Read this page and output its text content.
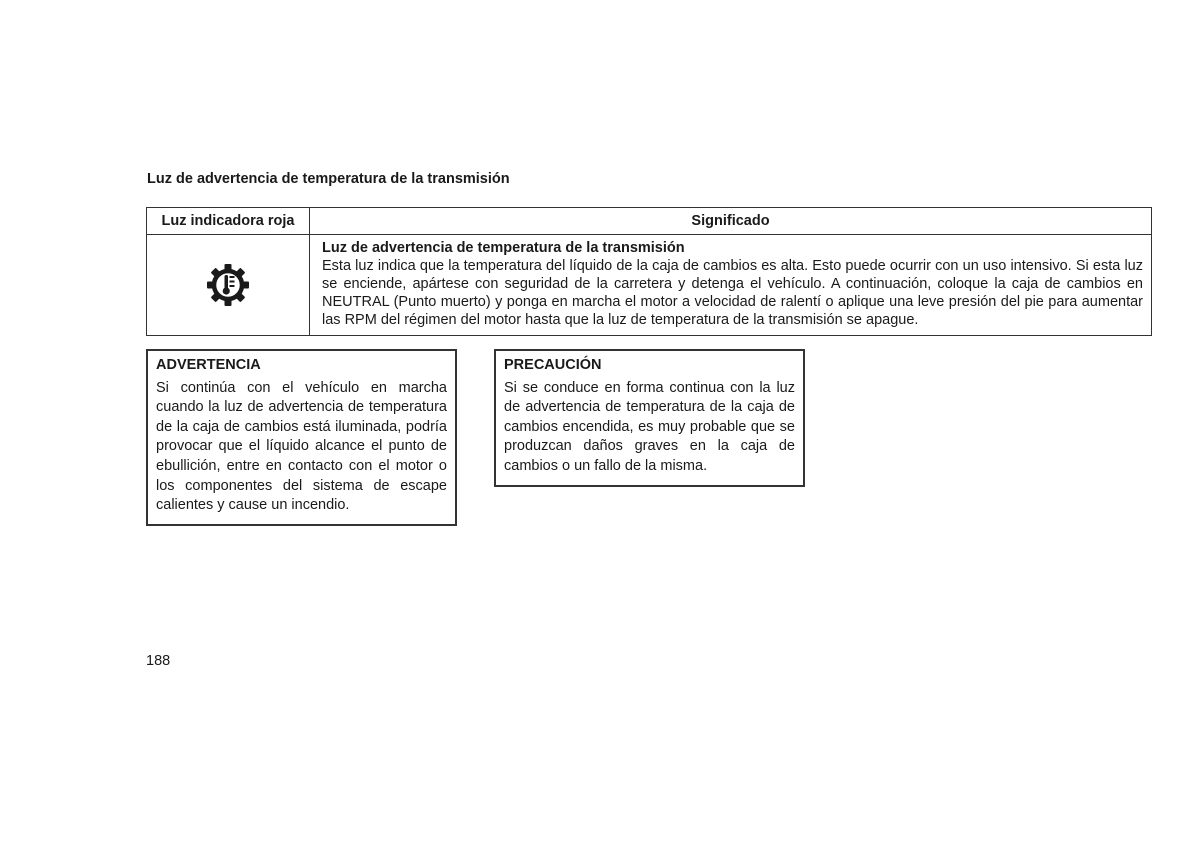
Luz de advertencia de temperatura de la transmisión
Luz indicadora roja	Significado

Luz de advertencia de temperatura de la transmisión
Esta luz indica que la temperatura del líquido de la caja de cambios es alta. Esto puede ocurrir con un uso intensivo. Si esta luz se enciende, apártese con seguridad de la carretera y detenga el vehículo. A continuación, coloque la caja de cambios en NEUTRAL (Punto muerto) y ponga en marcha el motor a velocidad de ralentí o aplique una leve presión del pie para aumentar las RPM del régimen del motor hasta que la luz de temperatura de la transmisión se apague.
ADVERTENCIA
Si continúa con el vehículo en marcha cuando la luz de advertencia de temperatura de la caja de cambios está iluminada, podría provocar que el líquido alcance el punto de ebullición, entre en contacto con el motor o los componentes del sistema de escape calientes y cause un incendio.
PRECAUCIÓN
Si se conduce en forma continua con la luz de advertencia de temperatura de la caja de cambios encendida, es muy probable que se produzcan daños graves en la caja de cambios o un fallo de la misma.
188
